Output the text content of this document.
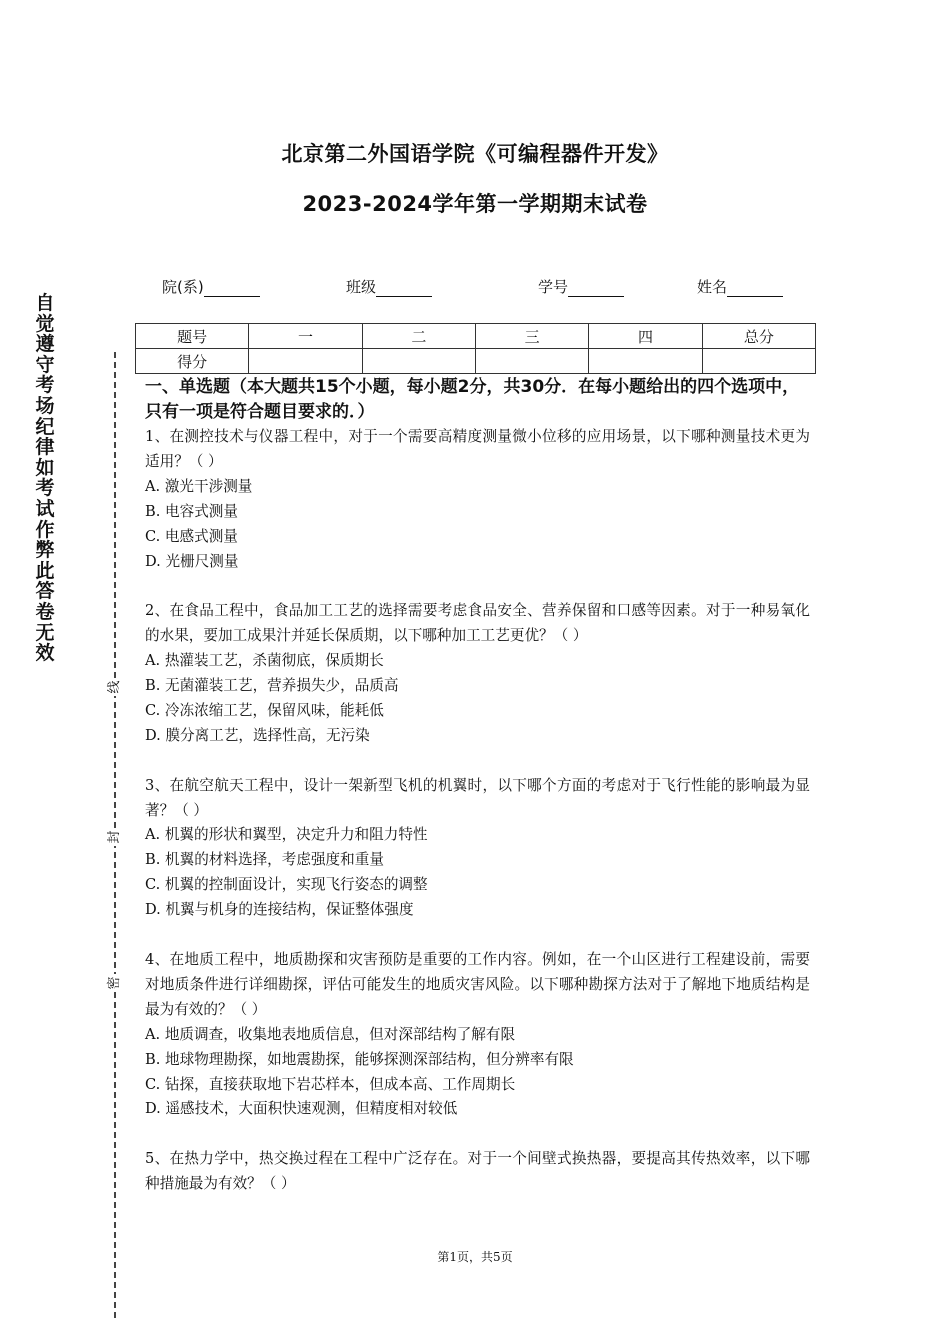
北京第二外国语学院《可编程器件开发》
2023-2024学年第一学期期末试卷
院(系)	班级	学号	姓名
题号	一	二	三	四	总分
得分					
自
觉
遵
守
考
场
纪
律
如
考
试
作
弊
此
答
卷
无
效
线
封
密

一、单选题（本大题共15个小题，每小题2分，共30分．在每小题给出的四个选项中，只有一项是符合题目要求的．）

1、在测控技术与仪器工程中，对于一个需要高精度测量微小位移的应用场景，以下哪种测量技术更为适用？（ ）

A. 激光干涉测量

B. 电容式测量

C. 电感式测量

D. 光栅尺测量

2、在食品工程中，食品加工工艺的选择需要考虑食品安全、营养保留和口感等因素。对于一种易氧化的水果，要加工成果汁并延长保质期，以下哪种加工工艺更优？（ ）

A. 热灌装工艺，杀菌彻底，保质期长

B. 无菌灌装工艺，营养损失少，品质高

C. 冷冻浓缩工艺，保留风味，能耗低

D. 膜分离工艺，选择性高，无污染

3、在航空航天工程中，设计一架新型飞机的机翼时，以下哪个方面的考虑对于飞行性能的影响最为显著？（ ）

A. 机翼的形状和翼型，决定升力和阻力特性

B. 机翼的材料选择，考虑强度和重量

C. 机翼的控制面设计，实现飞行姿态的调整

D. 机翼与机身的连接结构，保证整体强度

4、在地质工程中，地质勘探和灾害预防是重要的工作内容。例如，在一个山区进行工程建设前，需要对地质条件进行详细勘探，评估可能发生的地质灾害风险。以下哪种勘探方法对于了解地下地质结构是最为有效的？（ ）

A. 地质调查，收集地表地质信息，但对深部结构了解有限

B. 地球物理勘探，如地震勘探，能够探测深部结构，但分辨率有限

C. 钻探，直接获取地下岩芯样本，但成本高、工作周期长

D. 遥感技术，大面积快速观测，但精度相对较低

5、在热力学中，热交换过程在工程中广泛存在。对于一个间壁式换热器，要提高其传热效率，以下哪种措施最为有效？（ ）

第1页，共5页
